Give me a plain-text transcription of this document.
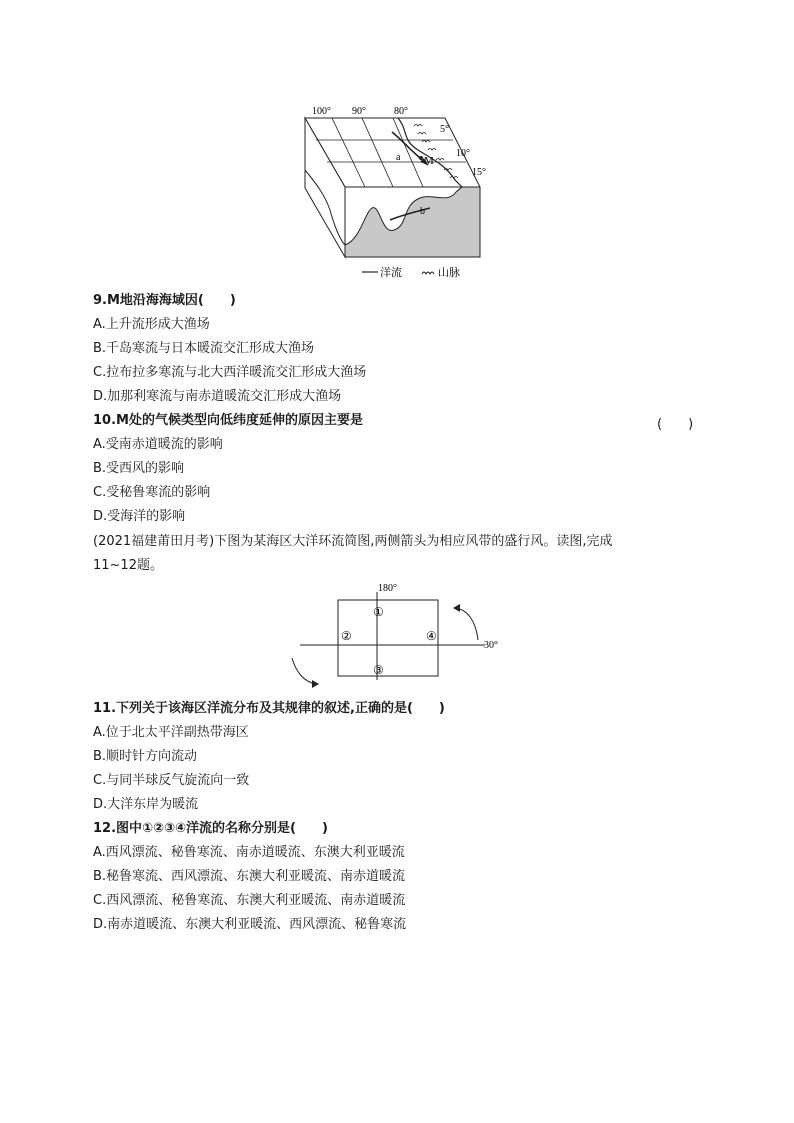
100° 90°	80°
5°
10°
15°
a M
b
洋流	山脉
9.M地沿海海域因(　　)
A.上升流形成大渔场
B.千岛寒流与日本暖流交汇形成大渔场
C.拉布拉多寒流与北大西洋暖流交汇形成大渔场
D.加那利寒流与南赤道暖流交汇形成大渔场
10.M处的气候类型向低纬度延伸的原因主要是	(　　)
A.受南赤道暖流的影响
B.受西风的影响
C.受秘鲁寒流的影响
D.受海洋的影响
(2021福建莆田月考)下图为某海区大洋环流简图,两侧箭头为相应风带的盛行风。读图,完成
11~12题。
180°
30°
①
②	④
③
11.下列关于该海区洋流分布及其规律的叙述,正确的是(　　)
A.位于北太平洋副热带海区
B.顺时针方向流动
C.与同半球反气旋流向一致
D.大洋东岸为暖流
12.图中①②③④洋流的名称分别是(　　)
A.西风漂流、秘鲁寒流、南赤道暖流、东澳大利亚暖流
B.秘鲁寒流、西风漂流、东澳大利亚暖流、南赤道暖流
C.西风漂流、秘鲁寒流、东澳大利亚暖流、南赤道暖流
D.南赤道暖流、东澳大利亚暖流、西风漂流、秘鲁寒流
